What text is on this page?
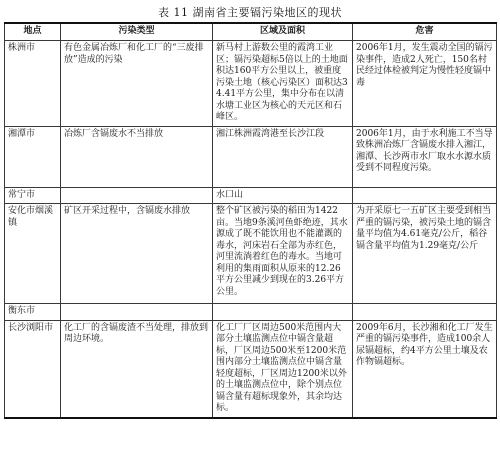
表 11 湖南省主要镉污染地区的现状
地点	污染类型	区域及面积	危害
株洲市	有色金属冶炼厂和化工厂的“三废排放”造成的污染	新马村上游数公里的霞湾工业区；镉污染超标5倍以上的土地面积达160平方公里以上，被重度污染土地（核心污染区）面积达34.41平方公里，集中分布在以清水塘工业区为核心的天元区和石峰区。	2006年1月，发生震动全国的镉污染事件，造成2人死亡，150名村民经过体检被判定为慢性轻度镉中毒
湘潭市	冶炼厂含镉废水不当排放	湘江株洲霞湾港至长沙江段	2006年1月，由于水利施工不当导致株洲冶炼厂含镉废水排入湘江，湘潭、长沙两市水厂取水水源水质受到不同程度污染。
常宁市		水口山	
安化市烟溪镇	矿区开采过程中，含镉废水排放	整个矿区被污染的稻田为1422亩。当地9条溪河鱼虾绝迹，其水源成了既不能饮用也不能灌溉的毒水，河床岩石全部为赤红色，河里流淌着红色的毒水。当地可利用的集雨面积从原来的12.26平方公里减少到现在的3.26平方公里。	为开采原七一五矿区主要受到相当严重的镉污染，被污染土地的镉含量平均值为4.61毫克/公斤，稻谷镉含量平均值为1.29毫克/公斤
衡东市			
长沙浏阳市	化工厂的含镉废渣不当处理，排放到周边环境。	化工厂厂区周边500米范围内大部分土壤监测点位中镉含量超标，厂区周边500米至1200米范围内部分土壤监测点位中镉含量轻度超标，厂区周边1200米以外的土壤监测点位中，除个别点位镉含量有超标现象外，其余均达标。	2009年6月，长沙湘和化工厂发生严重的镉污染事件，造成100余人尿镉超标，约4平方公里土壤及农作物镉超标。
